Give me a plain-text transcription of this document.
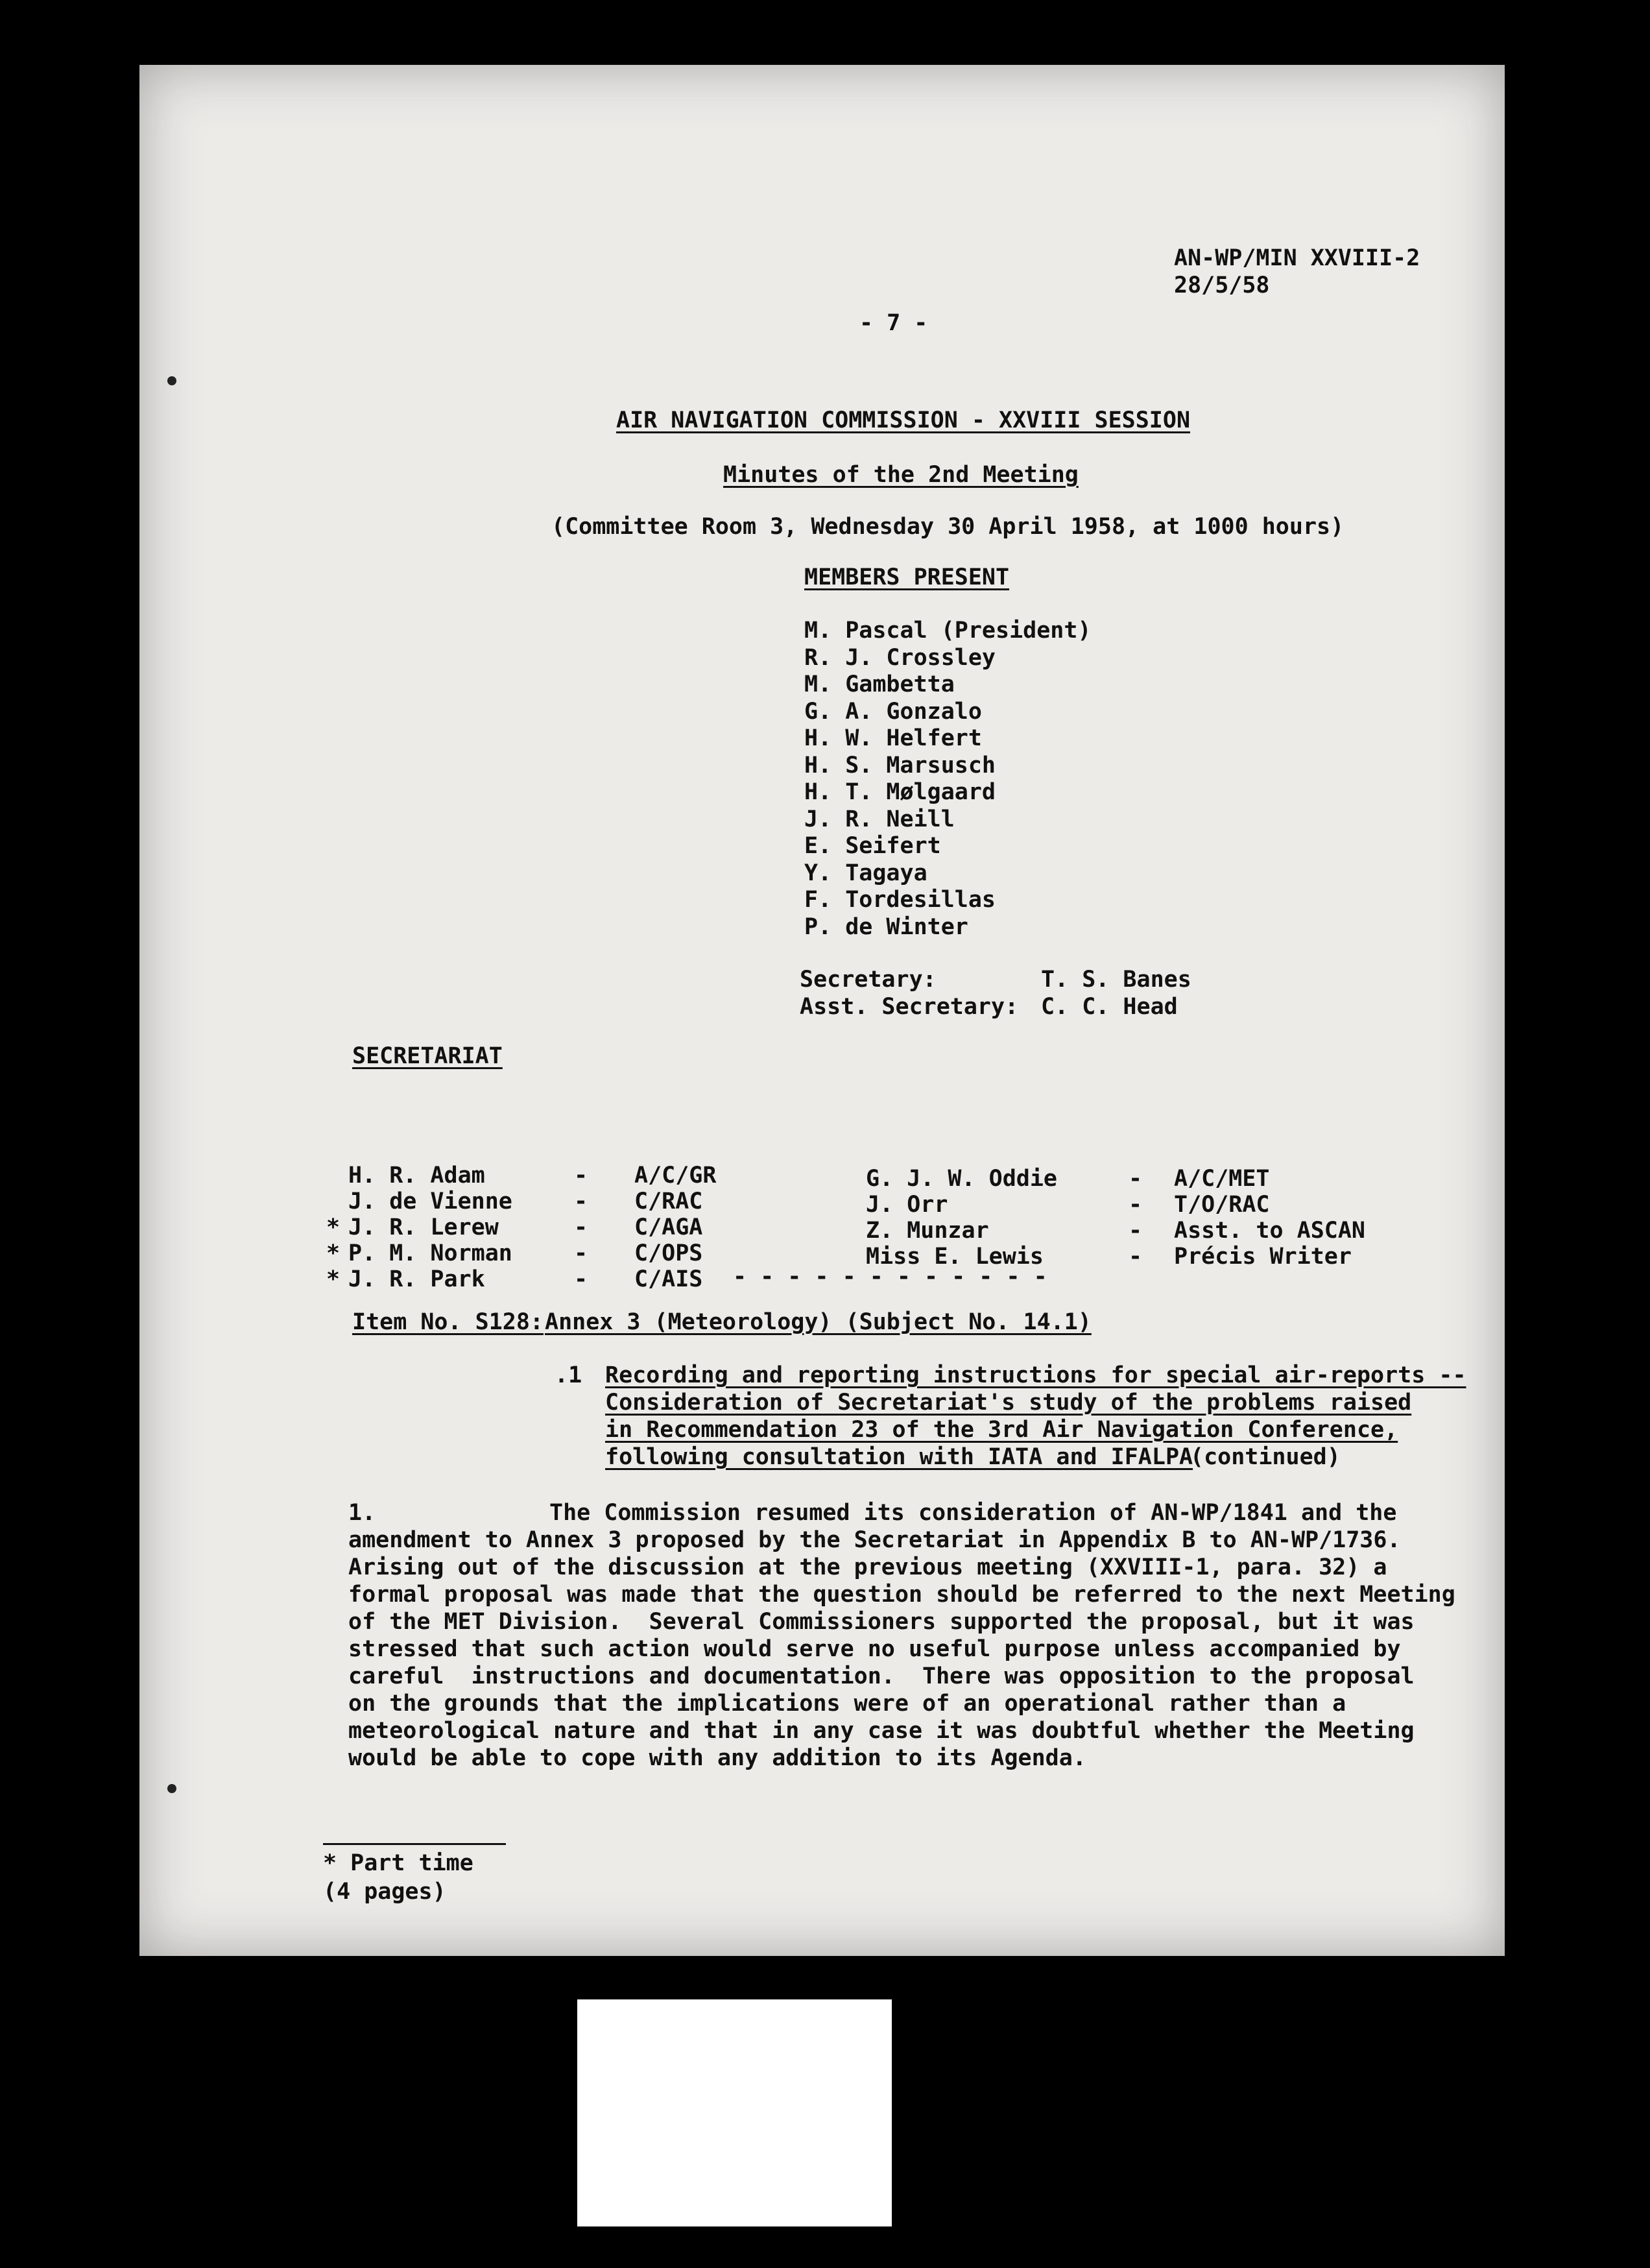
AN-WP/MIN XXVIII-2
28/5/58
- 7 -
AIR NAVIGATION COMMISSION - XXVIII SESSION
Minutes of the 2nd Meeting
(Committee Room 3, Wednesday 30 April 1958, at 1000 hours)
MEMBERS PRESENT
M. Pascal (President)
R. J. Crossley
M. Gambetta
G. A. Gonzalo
H. W. Helfert
H. S. Marsusch
H. T. Mølgaard
J. R. Neill
E. Seifert
Y. Tagaya
F. Tordesillas
P. de Winter
Secretary:	T. S. Banes
Asst. Secretary: C. C. Head
SECRETARIAT
H. R. Adam	- A/C/GR
J. de Vienne	- C/RAC
* J. R. Lerew	- C/AGA
* P. M. Norman	- C/OPS
* J. R. Park	- C/AIS
G. J. W. Oddie	- A/C/MET
J. Orr	- T/O/RAC
Z. Munzar	- Asst. to ASCAN
Miss E. Lewis	- Précis Writer
- - - - - - - - - - - -
Item No. S128: Annex 3 (Meteorology) (Subject No. 14.1)
.1 Recording and reporting instructions for special air-reports --
Consideration of Secretariat's study of the problems raised
in Recommendation 23 of the 3rd Air Navigation Conference,
following consultation with IATA and IFALPA
(continued)
1.	The Commission resumed its consideration of AN-WP/1841 and the
amendment to Annex 3 proposed by the Secretariat in Appendix B to AN-WP/1736.
Arising out of the discussion at the previous meeting (XXVIII-1, para. 32) a
formal proposal was made that the question should be referred to the next Meeting
of the MET Division.  Several Commissioners supported the proposal, but it was
stressed that such action would serve no useful purpose unless accompanied by
careful  instructions and documentation.  There was opposition to the proposal
on the grounds that the implications were of an operational rather than a
meteorological nature and that in any case it was doubtful whether the Meeting
would be able to cope with any addition to its Agenda.
* Part time
(4 pages)
